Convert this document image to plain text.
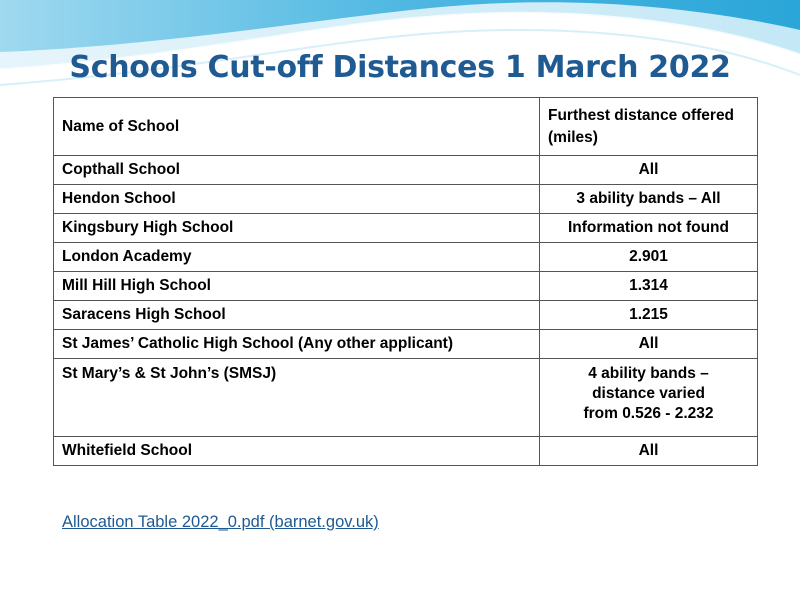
Schools Cut-off Distances 1 March 2022
Name of School	Furthest distance offered (miles)
Copthall School	All

Hendon School	3 ability bands – All

Kingsbury High School	Information not found

London Academy	2.901

Mill Hill High School	1.314

Saracens High School	1.215

St James’ Catholic High School (Any other applicant)	All

St Mary’s & St John’s (SMSJ)	4 ability bands –
distance varied
from 0.526 - 2.232

Whitefield School	All
Allocation Table 2022_0.pdf (barnet.gov.uk)
